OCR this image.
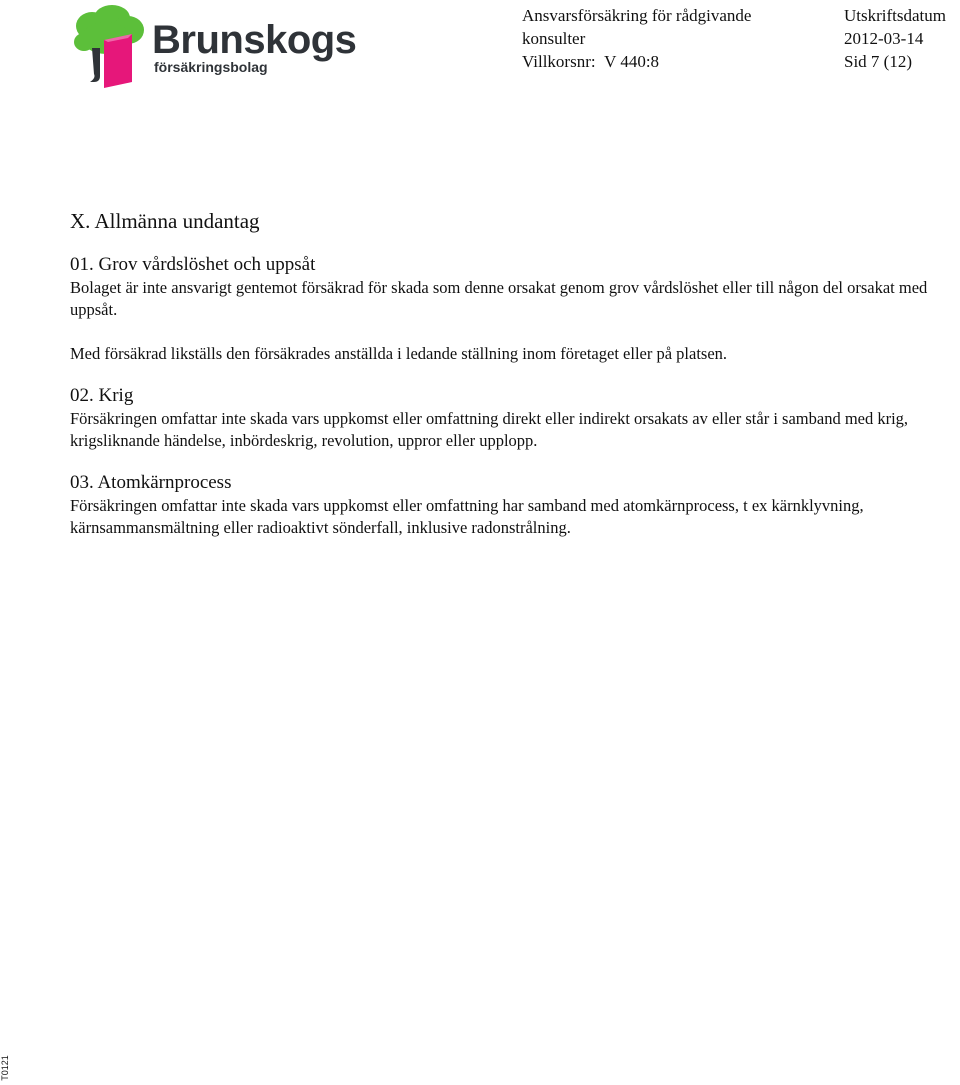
Brunskogs
försäkringsbolag
Ansvarsförsäkring för rådgivande
konsulter
Villkorsnr: V 440:8
Utskriftsdatum
2012-03-14
Sid 7 (12)
X. Allmänna undantag
01. Grov vårdslöshet och uppsåt

Bolaget är inte ansvarigt gentemot försäkrad för skada som denne orsakat genom grov vårdslöshet eller till någon del orsakat med uppsåt.

Med försäkrad likställs den försäkrades anställda i ledande ställning inom företaget eller på platsen.

02. Krig

Försäkringen omfattar inte skada vars uppkomst eller omfattning direkt eller indirekt orsakats av eller står i samband med krig, krigsliknande händelse, inbördeskrig, revolution, uppror eller upplopp.

03. Atomkärnprocess

Försäkringen omfattar inte skada vars uppkomst eller omfattning har samband med atomkärnprocess, t ex kärnklyvning, kärnsammansmältning eller radioaktivt sönderfall, inklusive radonstrålning.

T0121
